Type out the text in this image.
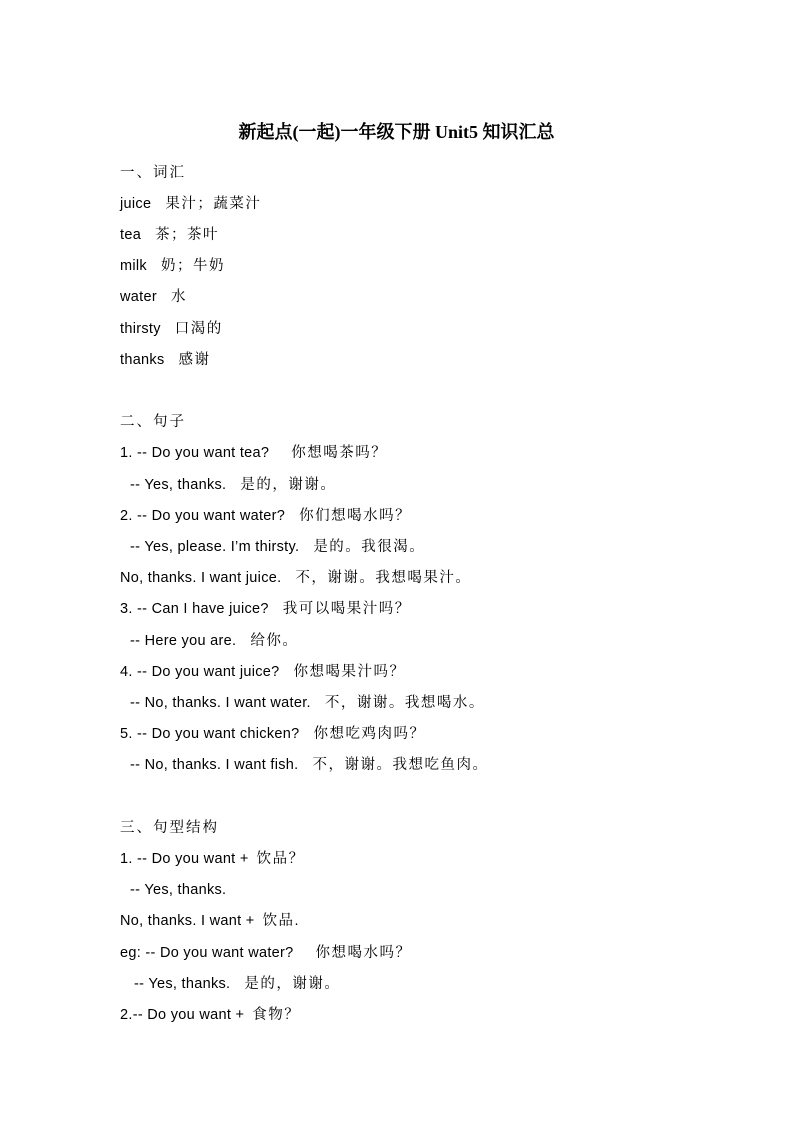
新起点(一起)一年级下册 Unit5 知识汇总
一、词汇
juice 果汁；蔬菜汁
tea 茶；茶叶
milk 奶；牛奶
water 水
thirsty 口渴的
thanks 感谢
二、句子
1. -- Do you want tea? 你想喝茶吗？
-- Yes, thanks. 是的，谢谢。
2. -- Do you want water? 你们想喝水吗？
-- Yes, please. I’m thirsty. 是的。我很渴。
No, thanks. I want juice. 不，谢谢。我想喝果汁。
3. -- Can I have juice? 我可以喝果汁吗？
-- Here you are. 给你。
4. -- Do you want juice? 你想喝果汁吗？
-- No, thanks. I want water. 不，谢谢。我想喝水。
5. -- Do you want chicken? 你想吃鸡肉吗？
-- No, thanks. I want fish. 不，谢谢。我想吃鱼肉。
三、句型结构
1. -- Do you want + 饮品？
-- Yes, thanks.
No, thanks. I want + 饮品.
eg: -- Do you want water? 你想喝水吗？
-- Yes, thanks. 是的，谢谢。
2.-- Do you want + 食物？
